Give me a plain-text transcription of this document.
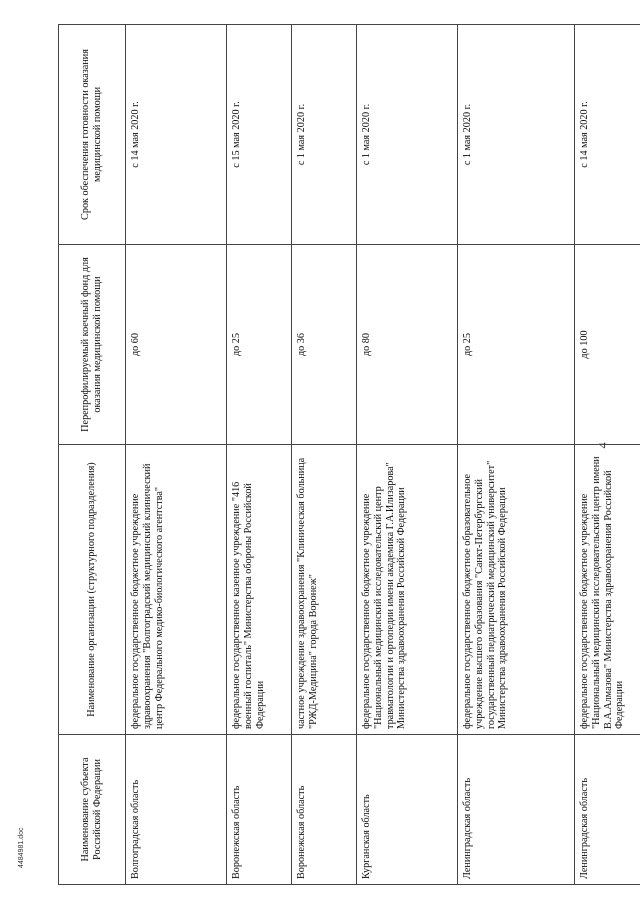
4
Наименование субъекта Российской Федерации	Наименование организации (структурного подразделения)	Перепрофилируемый коечный фонд для оказания медицинской помощи	Срок обеспечения готовности оказания медицинской помощи
Волгоградская область	федеральное государственное бюджетное учреждение здравоохранения "Волгоградский медицинский клинический центр Федерального медико-биологического агентства"	до 60	с 14 мая 2020 г.
Воронежская область	федеральное государственное казенное учреждение "416 военный госпиталь" Министерства обороны Российской Федерации	до 25	с 15 мая 2020 г.
Воронежская область	частное учреждение здравоохранения "Клиническая больница "РЖД-Медицина" города Воронеж"	до 36	с 1 мая 2020 г.
Курганская область	федеральное государственное бюджетное учреждение "Национальный медицинский исследовательский центр травматологии и ортопедии имени академика Г.А.Илизарова" Министерства здравоохранения Российской Федерации	до 80	с 1 мая 2020 г.
Ленинградская область	федеральное государственное бюджетное образовательное учреждение высшего образования "Санкт-Петербургский государственный педиатрический медицинский университет" Министерства здравоохранения Российской Федерации	до 25	с 1 мая 2020 г.
Ленинградская область	федеральное государственное бюджетное учреждение "Национальный медицинский исследовательский центр имени В.А.Алмазова" Министерства здравоохранения Российской Федерации	до 100	с 14 мая 2020 г.
4484981.doc
